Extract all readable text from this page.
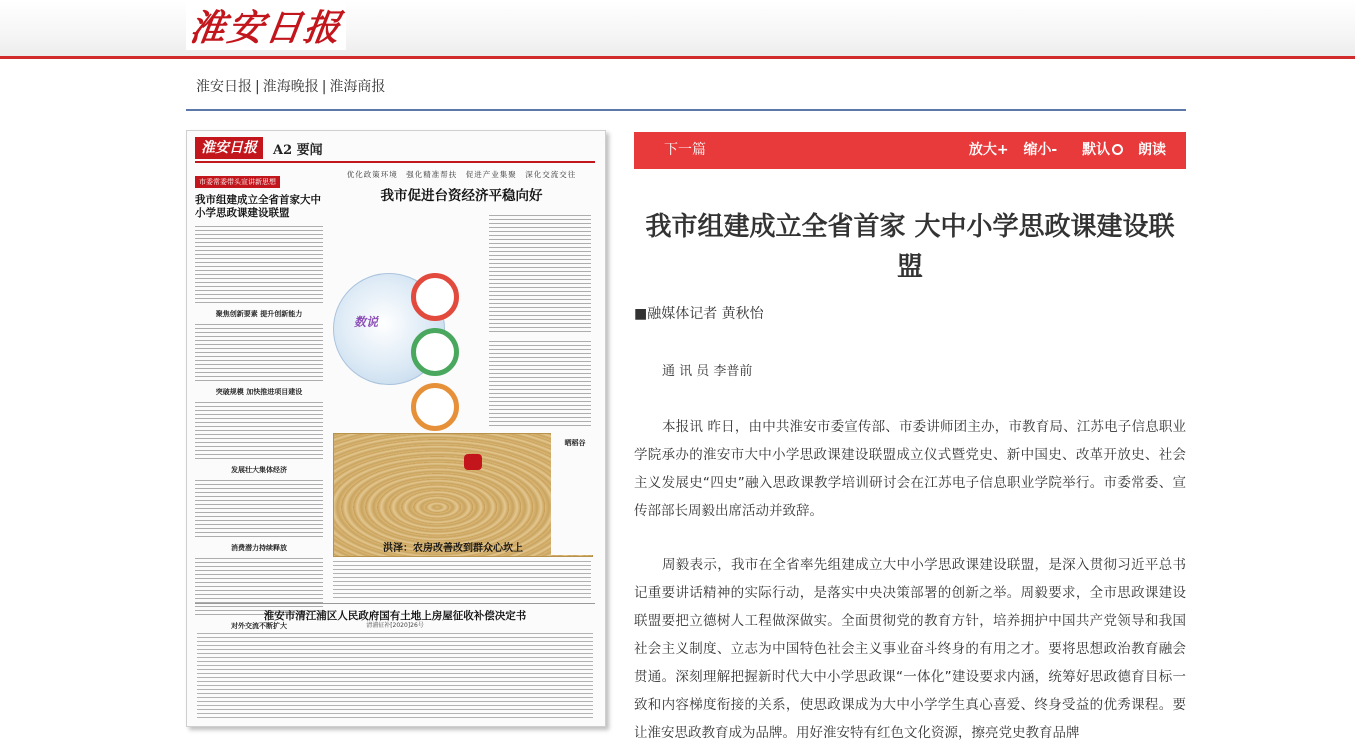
淮安日报
淮安日报 | 淮海晚报 | 淮海商报
淮安日报	A2 要闻
市委常委带头宣讲新思想
我市组建成立全省首家大中小学思政课建设联盟
聚焦创新要素 提升创新能力
突破规模 加快推进项目建设
发展壮大集体经济
消费潜力持续释放
对外交流不断扩大
优化政策环境　强化精准帮扶　促进产业集聚　深化交流交往
我市促进台资经济平稳向好
数说
晒稻谷
洪泽：农房改善改到群众心坎上
淮安市清江浦区人民政府国有土地上房屋征收补偿决定书
清浦征补[2020]26号
下一篇	放大+ 缩小- 默认 朗读
我市组建成立全省首家 大中小学思政课建设联盟
■融媒体记者 黄秋怡
通 讯 员 李普前

本报讯 昨日，由中共淮安市委宣传部、市委讲师团主办，市教育局、江苏电子信息职业学院承办的淮安市大中小学思政课建设联盟成立仪式暨党史、新中国史、改革开放史、社会主义发展史“四史”融入思政课教学培训研讨会在江苏电子信息职业学院举行。市委常委、宣传部部长周毅出席活动并致辞。

周毅表示，我市在全省率先组建成立大中小学思政课建设联盟，是深入贯彻习近平总书记重要讲话精神的实际行动，是落实中央决策部署的创新之举。周毅要求，全市思政课建设联盟要把立德树人工程做深做实。全面贯彻党的教育方针，培养拥护中国共产党领导和我国社会主义制度、立志为中国特色社会主义事业奋斗终身的有用之才。要将思想政治教育融会贯通。深刻理解把握新时代大中小学思政课“一体化”建设要求内涵，统筹好思政德育目标一致和内容梯度衔接的关系，使思政课成为大中小学学生真心喜爱、终身受益的优秀课程。要让淮安思政教育成为品牌。用好淮安特有红色文化资源，擦亮党史教育品牌
